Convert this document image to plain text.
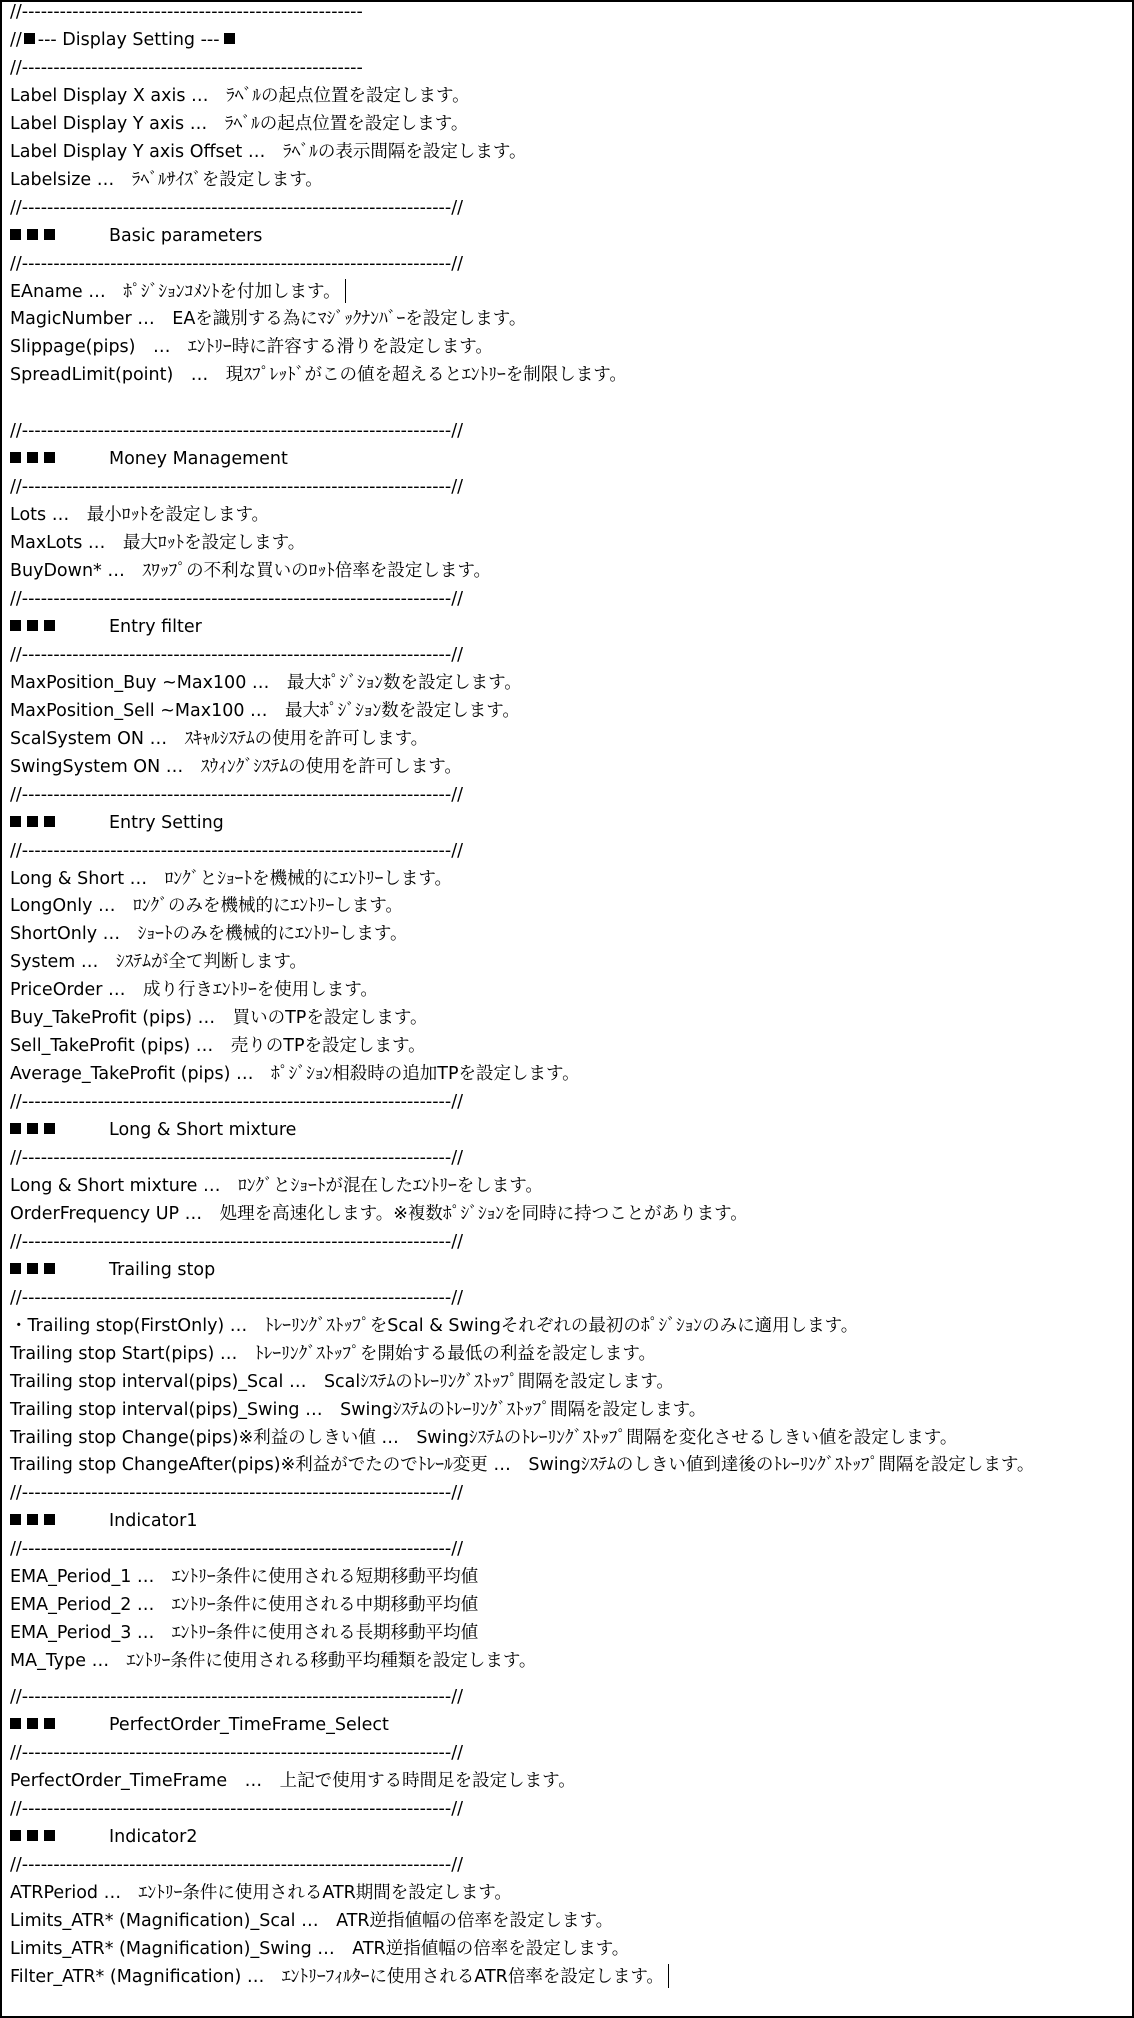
//------------------------------------------------------
// --- Display Setting ---
//------------------------------------------------------
Label Display X axis …　ﾗﾍﾞﾙの起点位置を設定します。
Label Display Y axis …　ﾗﾍﾞﾙの起点位置を設定します。
Label Display Y axis Offset …　ﾗﾍﾞﾙの表示間隔を設定します。
Labelsize …　ﾗﾍﾞﾙｻｲｽﾞを設定します。
//--------------------------------------------------------------------//
Basic parameters
//--------------------------------------------------------------------//
EAname …　ﾎﾟｼﾞｼｮﾝｺﾒﾝﾄを付加します。
MagicNumber …　EAを識別する為にﾏｼﾞｯｸﾅﾝﾊﾞｰを設定します。
Slippage(pips)　…　ｴﾝﾄﾘｰ時に許容する滑りを設定します。
SpreadLimit(point)　…　現ｽﾌﾟﾚｯﾄﾞがこの値を超えるとｴﾝﾄﾘｰを制限します。
//--------------------------------------------------------------------//
Money Management
//--------------------------------------------------------------------//
Lots …　最小ﾛｯﾄを設定します。
MaxLots …　最大ﾛｯﾄを設定します。
BuyDown* …　ｽﾜｯﾌﾟの不利な買いのﾛｯﾄ倍率を設定します。
//--------------------------------------------------------------------//
Entry filter
//--------------------------------------------------------------------//
MaxPosition_Buy ~Max100 …　最大ﾎﾟｼﾞｼｮﾝ数を設定します。
MaxPosition_Sell ~Max100 …　最大ﾎﾟｼﾞｼｮﾝ数を設定します。
ScalSystem ON …　ｽｷｬﾙｼｽﾃﾑの使用を許可します。
SwingSystem ON …　ｽｳｨﾝｸﾞｼｽﾃﾑの使用を許可します。
//--------------------------------------------------------------------//
Entry Setting
//--------------------------------------------------------------------//
Long & Short …　ﾛﾝｸﾞとｼｮｰﾄを機械的にｴﾝﾄﾘｰします。
LongOnly …　ﾛﾝｸﾞのみを機械的にｴﾝﾄﾘｰします。
ShortOnly …　ｼｮｰﾄのみを機械的にｴﾝﾄﾘｰします。
System …　ｼｽﾃﾑが全て判断します。
PriceOrder …　成り行きｴﾝﾄﾘｰを使用します。
Buy_TakeProfit (pips) …　買いのTPを設定します。
Sell_TakeProfit (pips) …　売りのTPを設定します。
Average_TakeProfit (pips) …　ﾎﾟｼﾞｼｮﾝ相殺時の追加TPを設定します。
//--------------------------------------------------------------------//
Long & Short mixture
//--------------------------------------------------------------------//
Long & Short mixture …　ﾛﾝｸﾞとｼｮｰﾄが混在したｴﾝﾄﾘｰをします。
OrderFrequency UP …　処理を高速化します。※複数ﾎﾟｼﾞｼｮﾝを同時に持つことがあります。
//--------------------------------------------------------------------//
Trailing stop
//--------------------------------------------------------------------//
・Trailing stop(FirstOnly) …　ﾄﾚｰﾘﾝｸﾞｽﾄｯﾌﾟをScal & Swingそれぞれの最初のﾎﾟｼﾞｼｮﾝのみに適用します。
Trailing stop Start(pips) …　ﾄﾚｰﾘﾝｸﾞｽﾄｯﾌﾟを開始する最低の利益を設定します。
Trailing stop interval(pips)_Scal …　Scalｼｽﾃﾑのﾄﾚｰﾘﾝｸﾞｽﾄｯﾌﾟ間隔を設定します。
Trailing stop interval(pips)_Swing …　Swingｼｽﾃﾑのﾄﾚｰﾘﾝｸﾞｽﾄｯﾌﾟ間隔を設定します。
Trailing stop Change(pips)※利益のしきい値 …　Swingｼｽﾃﾑのﾄﾚｰﾘﾝｸﾞｽﾄｯﾌﾟ間隔を変化させるしきい値を設定します。
Trailing stop ChangeAfter(pips)※利益がでたのでﾄﾚｰﾙ変更 …　Swingｼｽﾃﾑのしきい値到達後のﾄﾚｰﾘﾝｸﾞｽﾄｯﾌﾟ間隔を設定します。
//--------------------------------------------------------------------//
Indicator1
//--------------------------------------------------------------------//
EMA_Period_1 …　ｴﾝﾄﾘｰ条件に使用される短期移動平均値
EMA_Period_2 …　ｴﾝﾄﾘｰ条件に使用される中期移動平均値
EMA_Period_3 …　ｴﾝﾄﾘｰ条件に使用される長期移動平均値
MA_Type …　ｴﾝﾄﾘｰ条件に使用される移動平均種類を設定します。
//--------------------------------------------------------------------//
PerfectOrder_TimeFrame_Select
//--------------------------------------------------------------------//
PerfectOrder_TimeFrame　…　上記で使用する時間足を設定します。
//--------------------------------------------------------------------//
Indicator2
//--------------------------------------------------------------------//
ATRPeriod …　ｴﾝﾄﾘｰ条件に使用されるATR期間を設定します。
Limits_ATR* (Magnification)_Scal …　ATR逆指値幅の倍率を設定します。
Limits_ATR* (Magnification)_Swing …　ATR逆指値幅の倍率を設定します。
Filter_ATR* (Magnification) …　ｴﾝﾄﾘｰﾌｨﾙﾀｰに使用されるATR倍率を設定します。
